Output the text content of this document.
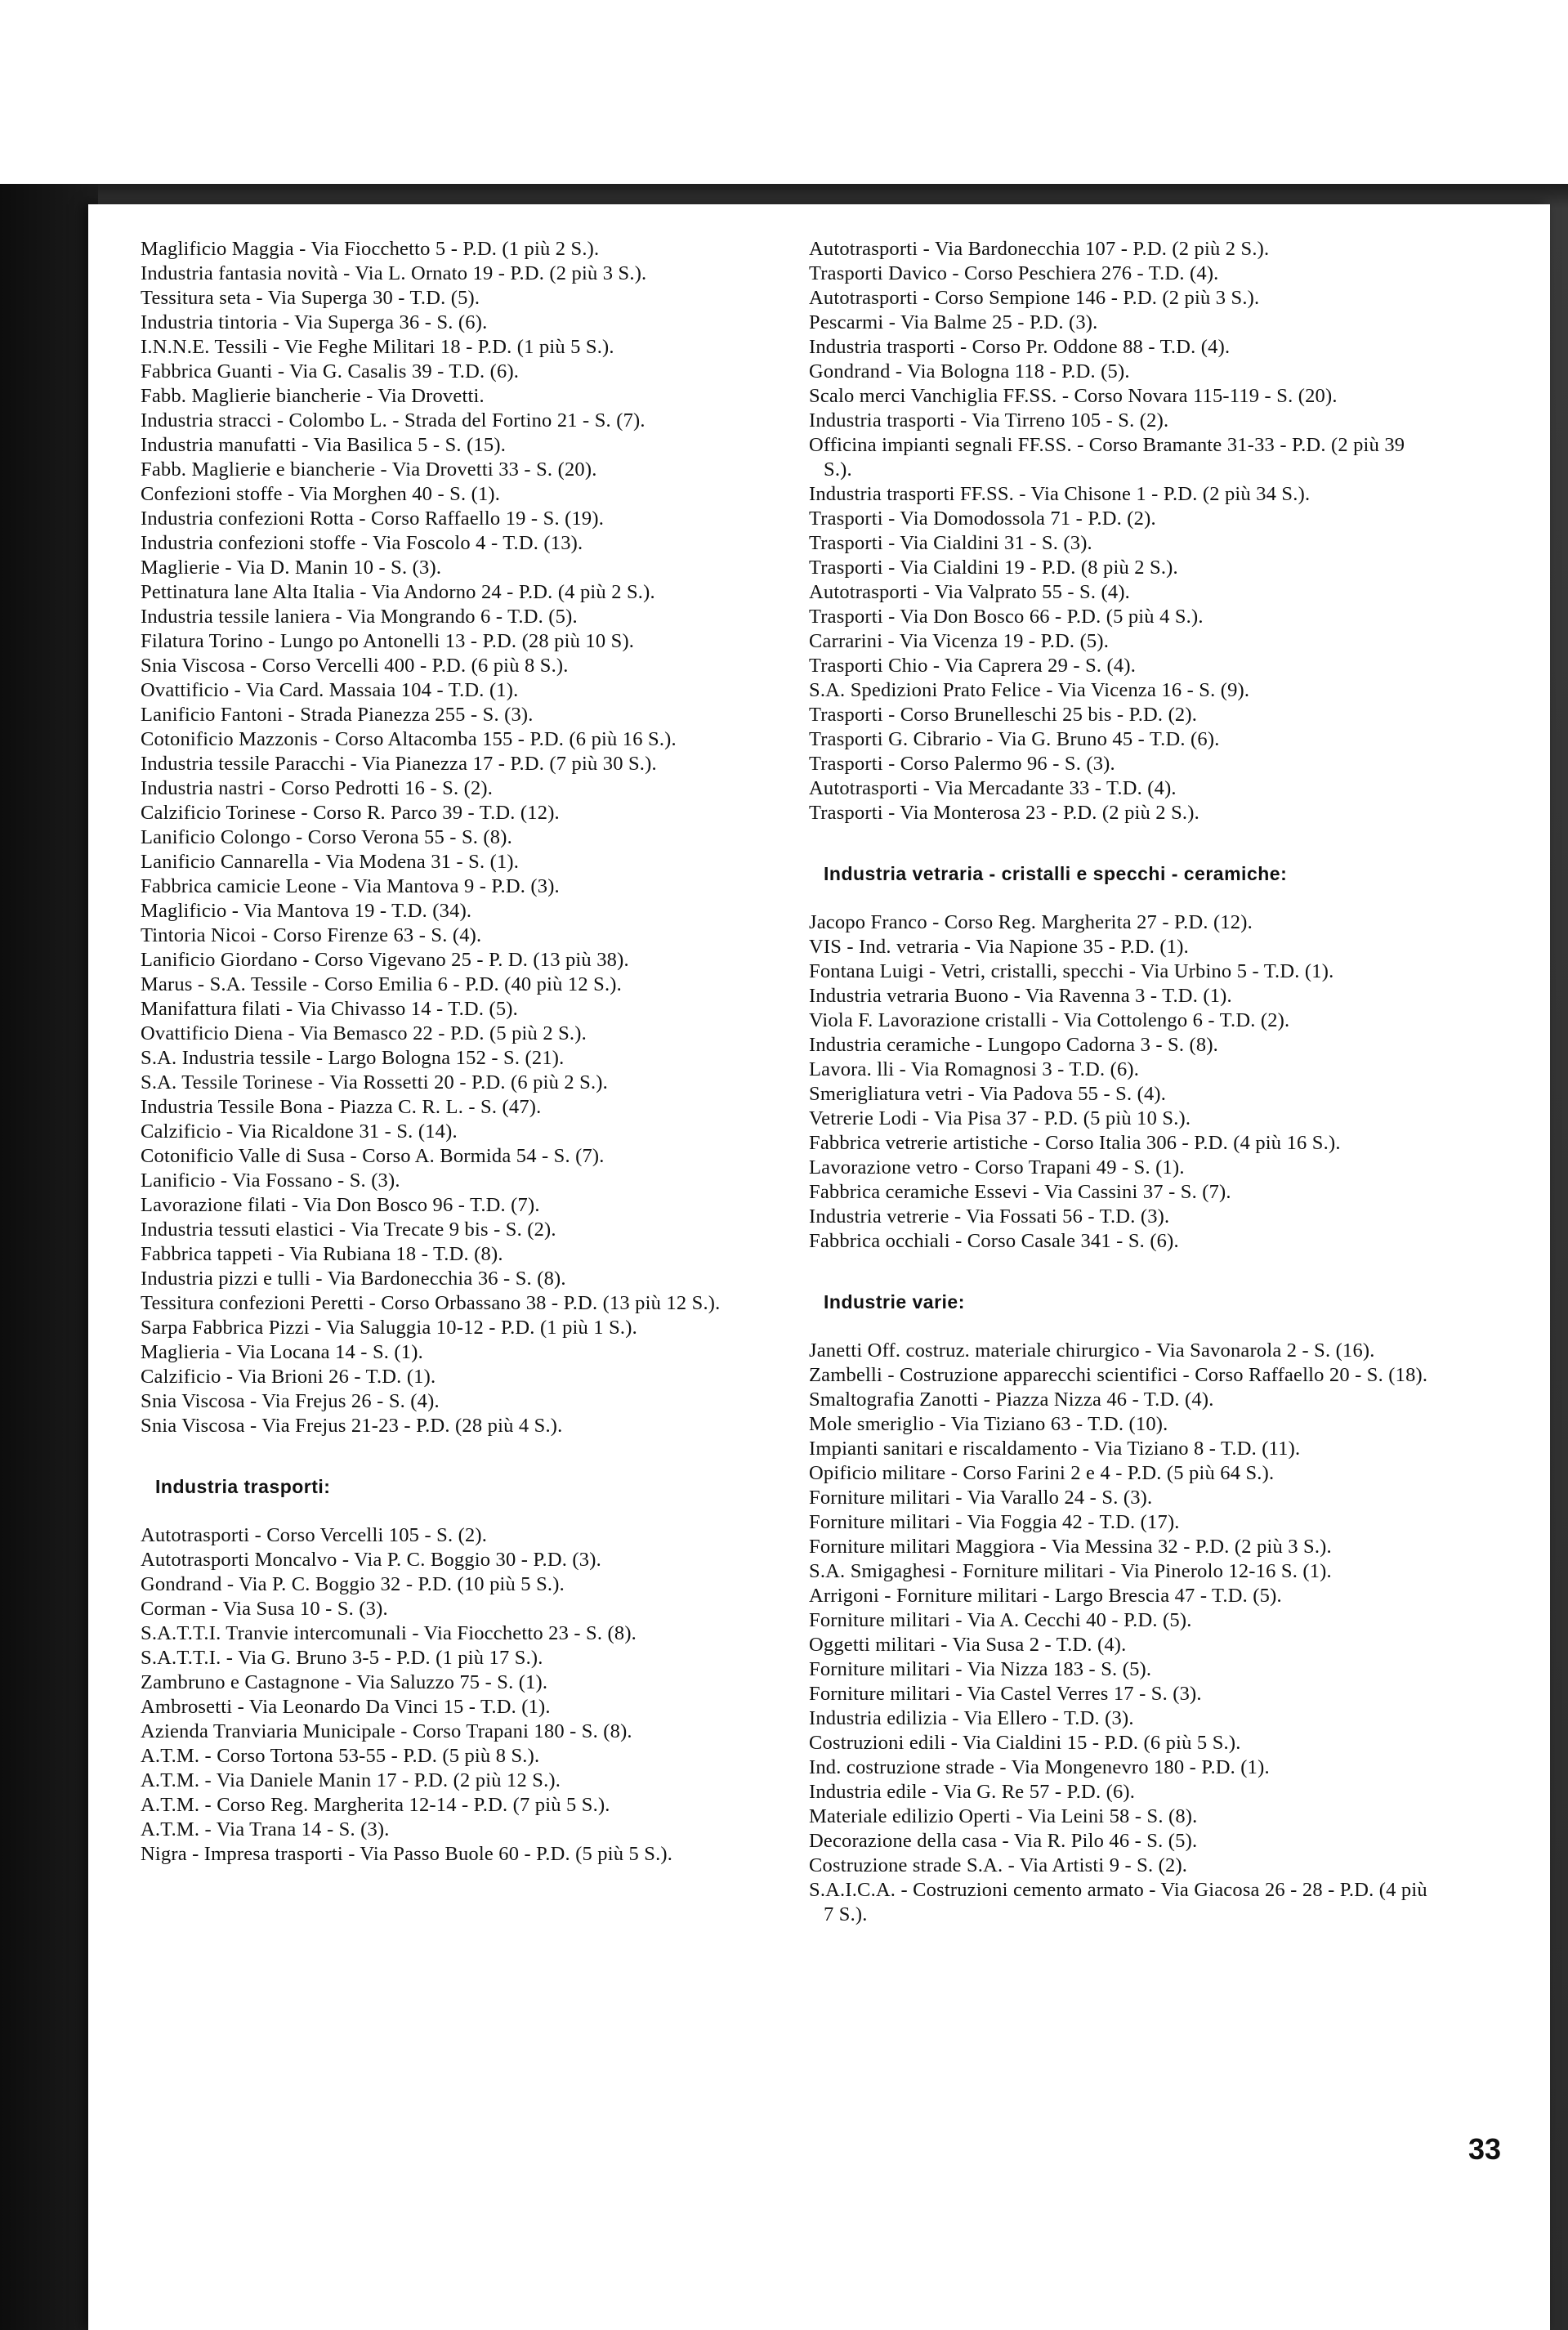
Maglificio Maggia - Via Fiocchetto 5 - P.D. (1 più 2 S.).

Industria fantasia novità - Via L. Ornato 19 - P.D. (2 più 3 S.).

Tessitura seta - Via Superga 30 - T.D. (5).

Industria tintoria - Via Superga 36 - S. (6).

I.N.N.E. Tessili - Vie Feghe Militari 18 - P.D. (1 più 5 S.).

Fabbrica Guanti - Via G. Casalis 39 - T.D. (6).

Fabb. Maglierie biancherie - Via Drovetti.

Industria stracci - Colombo L. - Strada del Fortino 21 - S. (7).

Industria manufatti - Via Basilica 5 - S. (15).

Fabb. Maglierie e biancherie - Via Drovetti 33 - S. (20).

Confezioni stoffe - Via Morghen 40 - S. (1).

Industria confezioni Rotta - Corso Raffaello 19 - S. (19).

Industria confezioni stoffe - Via Foscolo 4 - T.D. (13).

Maglierie - Via D. Manin 10 - S. (3).

Pettinatura lane Alta Italia - Via Andorno 24 - P.D. (4 più 2 S.).

Industria tessile laniera - Via Mongrando 6 - T.D. (5).

Filatura Torino - Lungo po Antonelli 13 - P.D. (28 più 10 S).

Snia Viscosa - Corso Vercelli 400 - P.D. (6 più 8 S.).

Ovattificio - Via Card. Massaia 104 - T.D. (1).

Lanificio Fantoni - Strada Pianezza 255 - S. (3).

Cotonificio Mazzonis - Corso Altacomba 155 - P.D. (6 più 16 S.).

Industria tessile Paracchi - Via Pianezza 17 - P.D. (7 più 30 S.).

Industria nastri - Corso Pedrotti 16 - S. (2).

Calzificio Torinese - Corso R. Parco 39 - T.D. (12).

Lanificio Colongo - Corso Verona 55 - S. (8).

Lanificio Cannarella - Via Modena 31 - S. (1).

Fabbrica camicie Leone - Via Mantova 9 - P.D. (3).

Maglificio - Via Mantova 19 - T.D. (34).

Tintoria Nicoi - Corso Firenze 63 - S. (4).

Lanificio Giordano - Corso Vigevano 25 - P. D. (13 più 38).

Marus - S.A. Tessile - Corso Emilia 6 - P.D. (40 più 12 S.).

Manifattura filati - Via Chivasso 14 - T.D. (5).

Ovattificio Diena - Via Bemasco 22 - P.D. (5 più 2 S.).

S.A. Industria tessile - Largo Bologna 152 - S. (21).

S.A. Tessile Torinese - Via Rossetti 20 - P.D. (6 più 2 S.).

Industria Tessile Bona - Piazza C. R. L. - S. (47).

Calzificio - Via Ricaldone 31 - S. (14).

Cotonificio Valle di Susa - Corso A. Bormida 54 - S. (7).

Lanificio - Via Fossano - S. (3).

Lavorazione filati - Via Don Bosco 96 - T.D. (7).

Industria tessuti elastici - Via Trecate 9 bis - S. (2).

Fabbrica tappeti - Via Rubiana 18 - T.D. (8).

Industria pizzi e tulli - Via Bardonecchia 36 - S. (8).

Tessitura confezioni Peretti - Corso Orbassano 38 - P.D. (13 più 12 S.).

Sarpa Fabbrica Pizzi - Via Saluggia 10-12 - P.D. (1 più 1 S.).

Maglieria - Via Locana 14 - S. (1).

Calzificio - Via Brioni 26 - T.D. (1).

Snia Viscosa - Via Frejus 26 - S. (4).

Snia Viscosa - Via Frejus 21-23 - P.D. (28 più 4 S.).

Industria trasporti:

Autotrasporti - Corso Vercelli 105 - S. (2).

Autotrasporti Moncalvo - Via P. C. Boggio 30 - P.D. (3).

Gondrand - Via P. C. Boggio 32 - P.D. (10 più 5 S.).

Corman - Via Susa 10 - S. (3).

S.A.T.T.I. Tranvie intercomunali - Via Fiocchetto 23 - S. (8).

S.A.T.T.I. - Via G. Bruno 3-5 - P.D. (1 più 17 S.).

Zambruno e Castagnone - Via Saluzzo 75 - S. (1).

Ambrosetti - Via Leonardo Da Vinci 15 - T.D. (1).

Azienda Tranviaria Municipale - Corso Trapani 180 - S. (8).

A.T.M. - Corso Tortona 53-55 - P.D. (5 più 8 S.).

A.T.M. - Via Daniele Manin 17 - P.D. (2 più 12 S.).

A.T.M. - Corso Reg. Margherita 12-14 - P.D. (7 più 5 S.).

A.T.M. - Via Trana 14 - S. (3).

Nigra - Impresa trasporti - Via Passo Buole 60 - P.D. (5 più 5 S.).

Autotrasporti - Via Bardonecchia 107 - P.D. (2 più 2 S.).

Trasporti Davico - Corso Peschiera 276 - T.D. (4).

Autotrasporti - Corso Sempione 146 - P.D. (2 più 3 S.).

Pescarmi - Via Balme 25 - P.D. (3).

Industria trasporti - Corso Pr. Oddone 88 - T.D. (4).

Gondrand - Via Bologna 118 - P.D. (5).

Scalo merci Vanchiglia FF.SS. - Corso Novara 115-119 - S. (20).

Industria trasporti - Via Tirreno 105 - S. (2).

Officina impianti segnali FF.SS. - Corso Bramante 31-33 - P.D. (2 più 39 S.).

Industria trasporti FF.SS. - Via Chisone 1 - P.D. (2 più 34 S.).

Trasporti - Via Domodossola 71 - P.D. (2).

Trasporti - Via Cialdini 31 - S. (3).

Trasporti - Via Cialdini 19 - P.D. (8 più 2 S.).

Autotrasporti - Via Valprato 55 - S. (4).

Trasporti - Via Don Bosco 66 - P.D. (5 più 4 S.).

Carrarini - Via Vicenza 19 - P.D. (5).

Trasporti Chio - Via Caprera 29 - S. (4).

S.A. Spedizioni Prato Felice - Via Vicenza 16 - S. (9).

Trasporti - Corso Brunelleschi 25 bis - P.D. (2).

Trasporti G. Cibrario - Via G. Bruno 45 - T.D. (6).

Trasporti - Corso Palermo 96 - S. (3).

Autotrasporti - Via Mercadante 33 - T.D. (4).

Trasporti - Via Monterosa 23 - P.D. (2 più 2 S.).

Industria vetraria - cristalli e specchi - ceramiche:

Jacopo Franco - Corso Reg. Margherita 27 - P.D. (12).

VIS - Ind. vetraria - Via Napione 35 - P.D. (1).

Fontana Luigi - Vetri, cristalli, specchi - Via Urbino 5 - T.D. (1).

Industria vetraria Buono - Via Ravenna 3 - T.D. (1).

Viola F. Lavorazione cristalli - Via Cottolengo 6 - T.D. (2).

Industria ceramiche - Lungopo Cadorna 3 - S. (8).

Lavora. lli - Via Romagnosi 3 - T.D. (6).

Smerigliatura vetri - Via Padova 55 - S. (4).

Vetrerie Lodi - Via Pisa 37 - P.D. (5 più 10 S.).

Fabbrica vetrerie artistiche - Corso Italia 306 - P.D. (4 più 16 S.).

Lavorazione vetro - Corso Trapani 49 - S. (1).

Fabbrica ceramiche Essevi - Via Cassini 37 - S. (7).

Industria vetrerie - Via Fossati 56 - T.D. (3).

Fabbrica occhiali - Corso Casale 341 - S. (6).

Industrie varie:

Janetti Off. costruz. materiale chirurgico - Via Savonarola 2 - S. (16).

Zambelli - Costruzione apparecchi scientifici - Corso Raffaello 20 - S. (18).

Smaltografia Zanotti - Piazza Nizza 46 - T.D. (4).

Mole smeriglio - Via Tiziano 63 - T.D. (10).

Impianti sanitari e riscaldamento - Via Tiziano 8 - T.D. (11).

Opificio militare - Corso Farini 2 e 4 - P.D. (5 più 64 S.).

Forniture militari - Via Varallo 24 - S. (3).

Forniture militari - Via Foggia 42 - T.D. (17).

Forniture militari Maggiora - Via Messina 32 - P.D. (2 più 3 S.).

S.A. Smigaghesi - Forniture militari - Via Pinerolo 12-16 S. (1).

Arrigoni - Forniture militari - Largo Brescia 47 - T.D. (5).

Forniture militari - Via A. Cecchi 40 - P.D. (5).

Oggetti militari - Via Susa 2 - T.D. (4).

Forniture militari - Via Nizza 183 - S. (5).

Forniture militari - Via Castel Verres 17 - S. (3).

Industria edilizia - Via Ellero - T.D. (3).

Costruzioni edili - Via Cialdini 15 - P.D. (6 più 5 S.).

Ind. costruzione strade - Via Mongenevro 180 - P.D. (1).

Industria edile - Via G. Re 57 - P.D. (6).

Materiale edilizio Operti - Via Leini 58 - S. (8).

Decorazione della casa - Via R. Pilo 46 - S. (5).

Costruzione strade S.A. - Via Artisti 9 - S. (2).

S.A.I.C.A. - Costruzioni cemento armato - Via Giacosa 26 - 28 - P.D. (4 più 7 S.).

33
